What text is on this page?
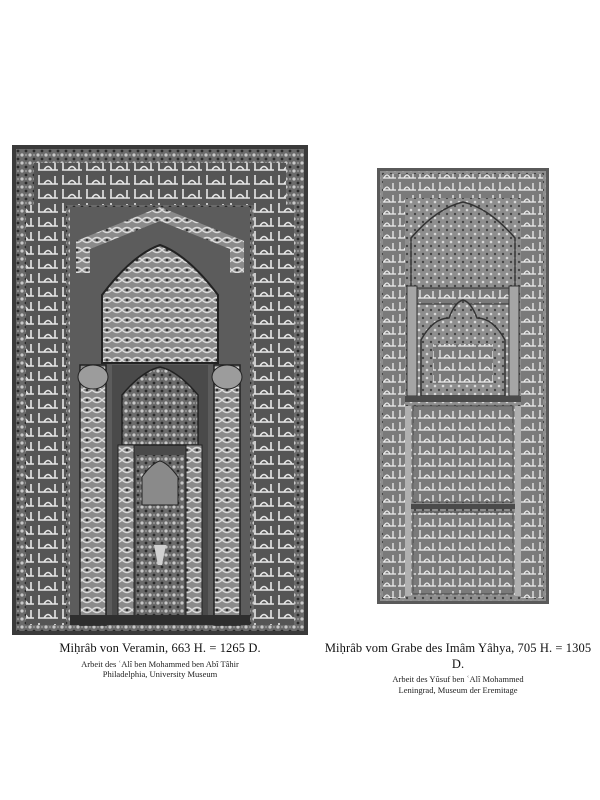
Miḥrâb von Veramin, 663 H. = 1265 D.
Arbeit des ʿAlî ben Mohammed ben Abî Tâhir
Philadelphia, University Museum
Miḥrâb vom Grabe des Imâm Yâhya, 705 H. = 1305 D.
Arbeit des Yûsuf ben ʿAlî Mohammed
Leningrad, Museum der Eremitage
